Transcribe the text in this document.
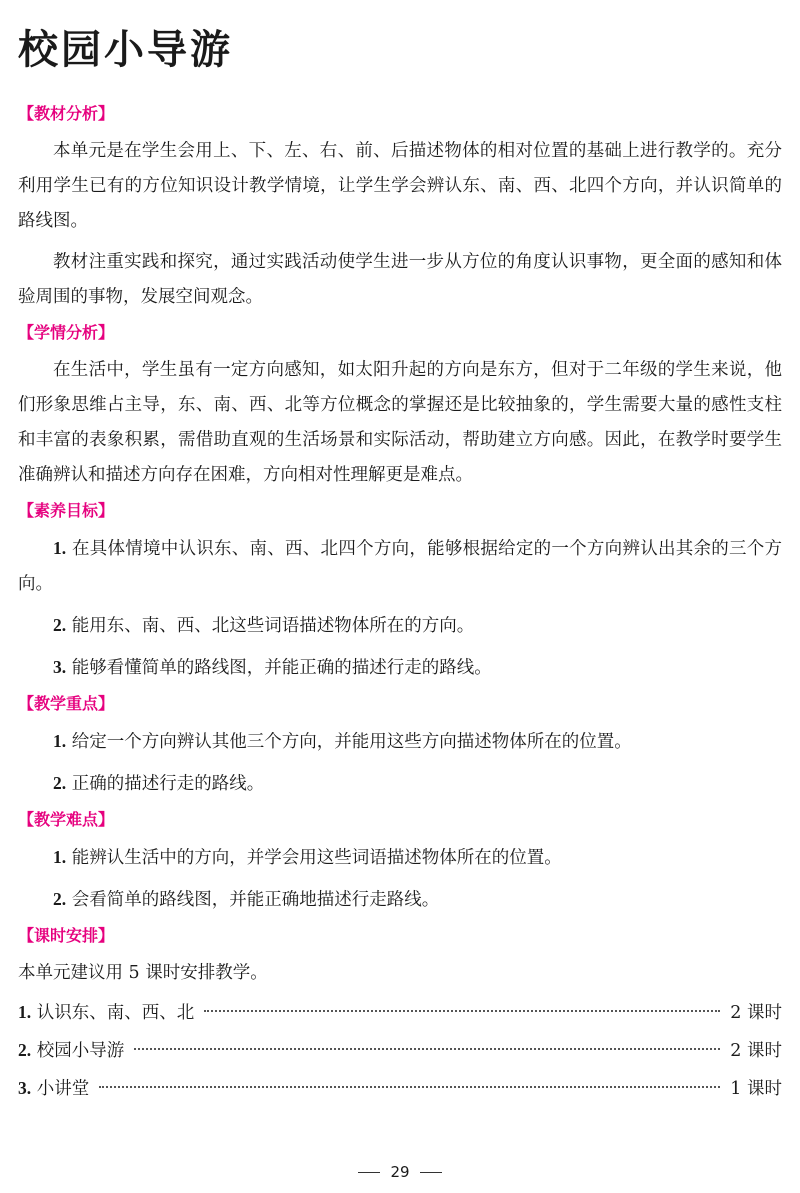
校园小导游
【教材分析】

本单元是在学生会用上、下、左、右、前、后描述物体的相对位置的基础上进行教学的。充分利用学生已有的方位知识设计教学情境，让学生学会辨认东、南、西、北四个方向，并认识简单的路线图。

教材注重实践和探究，通过实践活动使学生进一步从方位的角度认识事物，更全面的感知和体验周围的事物，发展空间观念。

【学情分析】

在生活中，学生虽有一定方向感知，如太阳升起的方向是东方，但对于二年级的学生来说，他们形象思维占主导，东、南、西、北等方位概念的掌握还是比较抽象的，学生需要大量的感性支柱和丰富的表象积累，需借助直观的生活场景和实际活动，帮助建立方向感。因此，在教学时要学生准确辨认和描述方向存在困难，方向相对性理解更是难点。

【素养目标】

1. 在具体情境中认识东、南、西、北四个方向，能够根据给定的一个方向辨认出其余的三个方向。

2. 能用东、南、西、北这些词语描述物体所在的方向。

3. 能够看懂简单的路线图，并能正确的描述行走的路线。

【教学重点】

1. 给定一个方向辨认其他三个方向，并能用这些方向描述物体所在的位置。

2. 正确的描述行走的路线。

【教学难点】

1. 能辨认生活中的方向，并学会用这些词语描述物体所在的位置。

2. 会看简单的路线图，并能正确地描述行走路线。

【课时安排】

本单元建议用 5 课时安排教学。

1. 认识东、南、西、北	2 课时
2. 校园小导游	2 课时
3. 小讲堂	1 课时
29
